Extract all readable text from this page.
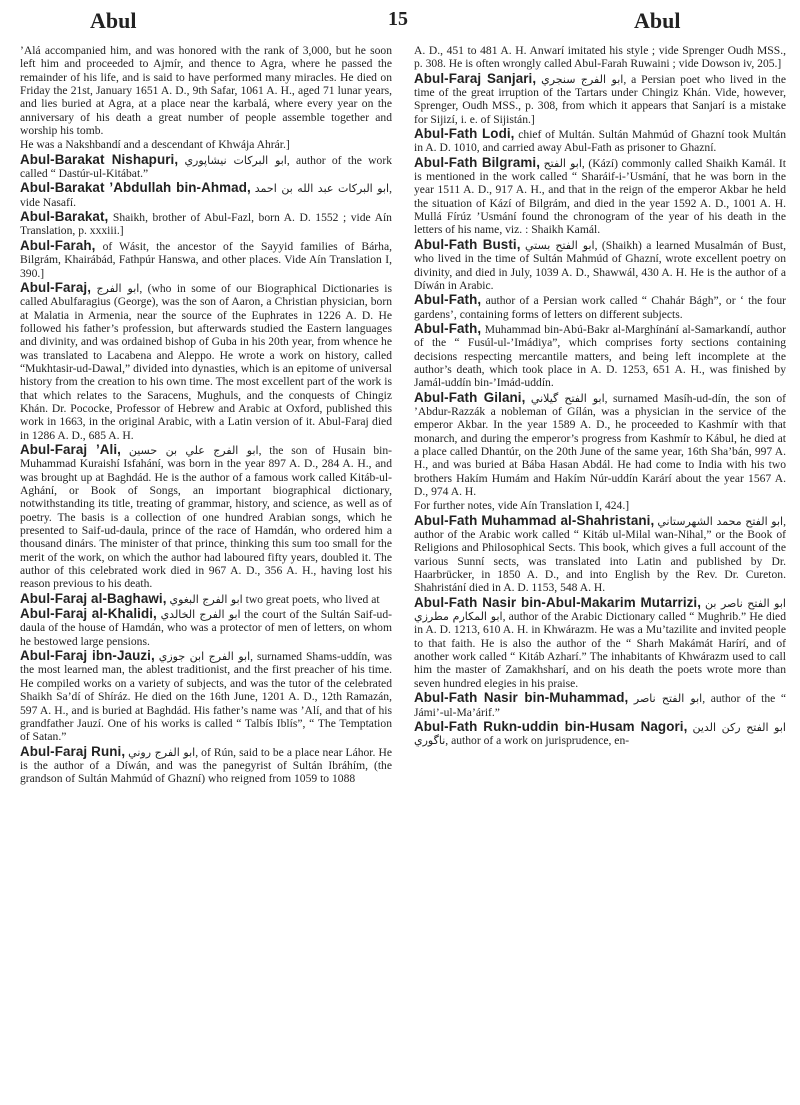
Abul	15	Abul

’Alá accompanied him, and was honored with the rank of 3,000, but he soon left him and proceeded to Ajmír, and thence to Agra, where he passed the remainder of his life, and is said to have performed many miracles. He died on Friday the 21st, January 1651 A. D., 9th Safar, 1061 A. H., aged 71 lunar years, and lies buried at Agra, at a place near the karbalá, where every year on the anniversary of his death a great number of people assemble together and worship his tomb.

He was a Nakshbandí and a descendant of Khwája Ahrár.]

Abul-Barakat Nishapuri, ابو البركات نيشاپوري, author of the work called “ Dastúr-ul-Kitábat.”

Abul-Barakat ’Abdullah bin-Ahmad, ابو البركات عبد الله بن احمد, vide Nasafí.

Abul-Barakat, Shaikh, brother of Abul-Fazl, born A. D. 1552 ; vide Aín Translation, p. xxxiii.]

Abul-Farah, of Wásit, the ancestor of the Sayyid families of Bárha, Bilgrám, Khairábád, Fathpúr Hanswa, and other places. Vide Aín Translation I, 390.]

Abul-Faraj, ابو الفرج, (who in some of our Biographical Dictionaries is called Abulfaragius (George), was the son of Aaron, a Christian physician, born at Malatia in Armenia, near the source of the Euphrates in 1226 A. D. He followed his father’s profession, but afterwards studied the Eastern languages and divinity, and was ordained bishop of Guba in his 20th year, from whence he was translated to Lacabena and Aleppo. He wrote a work on history, called “Mukhtasir-ud-Dawal,” divided into dynasties, which is an epitome of universal history from the creation to his own time. The most excellent part of the work is that which relates to the Saracens, Mughuls, and the conquests of Chingiz Khán. Dr. Pococke, Professor of Hebrew and Arabic at Oxford, published this work in 1663, in the original Arabic, with a Latin version of it. Abul-Faraj died in 1286 A. D., 685 A. H.

Abul-Faraj ’Ali, ابو الفرج علي بن حسين, the son of Husain bin-Muhammad Kuraishí Isfahání, was born in the year 897 A. D., 284 A. H., and was brought up at Baghdád. He is the author of a famous work called Kitáb-ul-Aghání, or Book of Songs, an important biographical dictionary, notwithstanding its title, treating of grammar, history, and science, as well as of poetry. The basis is a collection of one hundred Arabian songs, which he presented to Saif-ud-daula, prince of the race of Hamdán, who ordered him a thousand dinárs. The minister of that prince, thinking this sum too small for the merit of the work, on which the author had laboured fifty years, doubled it. The author of this celebrated work died in 967 A. D., 356 A. H., having lost his reason previous to his death.

Abul-Faraj al-Baghawi, ابو الفرج البغوي two great poets, who lived at

Abul-Faraj al-Khalidi, ابو الفرج الخالدي the court of the Sultán Saif-ud-daula of the house of Hamdán, who was a protector of men of letters, on whom he bestowed large pensions.

Abul-Faraj ibn-Jauzi, ابو الفرج ابن جوزي, surnamed Shams-uddín, was the most learned man, the ablest traditionist, and the first preacher of his time. He compiled works on a variety of subjects, and was the tutor of the celebrated Shaikh Sa’dí of Shíráz. He died on the 16th June, 1201 A. D., 12th Ramazán, 597 A. H., and is buried at Baghdád. His father’s name was ’Alí, and that of his grandfather Jauzí. One of his works is called “ Talbís Iblís”, “ The Temptation of Satan.”

Abul-Faraj Runi, ابو الفرج روني, of Rún, said to be a place near Láhor. He is the author of a Díwán, and was the panegyrist of Sultán Ibráhím, (the grandson of Sultán Mahmúd of Ghazní) who reigned from 1059 to 1088

A. D., 451 to 481 A. H. Anwarí imitated his style ; vide Sprenger Oudh MSS., p. 308. He is often wrongly called Abul-Farah Ruwaini ; vide Dowson iv, 205.]

Abul-Faraj Sanjari, ابو الفرج سنجري, a Persian poet who lived in the time of the great irruption of the Tartars under Chingiz Khán. Vide, however, Sprenger, Oudh MSS., p. 308, from which it appears that Sanjarí is a mistake for Sijizí, i. e. of Sijistán.]

Abul-Fath Lodi, chief of Multán. Sultán Mahmúd of Ghazní took Multán in A. D. 1010, and carried away Abul-Fath as prisoner to Ghazní.

Abul-Fath Bilgrami, ابو الفتح, (Kází) commonly called Shaikh Kamál. It is mentioned in the work called “ Sharáif-i-’Usmání, that he was born in the year 1511 A. D., 917 A. H., and that in the reign of the emperor Akbar he held the situation of Kází of Bilgrám, and died in the year 1592 A. D., 1001 A. H. Mullá Fírúz ’Usmání found the chronogram of the year of his death in the letters of his name, viz. : Shaikh Kamál.

Abul-Fath Busti, ابو الفتح بستي, (Shaikh) a learned Musalmán of Bust, who lived in the time of Sultán Mahmúd of Ghazní, wrote excellent poetry on divinity, and died in July, 1039 A. D., Shawwál, 430 A. H. He is the author of a Díwán in Arabic.

Abul-Fath, author of a Persian work called “ Chahár Bágh”, or ‘ the four gardens’, containing forms of letters on different subjects.

Abul-Fath, Muhammad bin-Abú-Bakr al-Marghínání al-Samarkandí, author of the “ Fusúl-ul-’Imádiya”, which comprises forty sections containing decisions respecting mercantile matters, and being left incomplete at the author’s death, which took place in A. D. 1253, 651 A. H., was finished by Jamál-uddín bin-’Imád-uddín.

Abul-Fath Gilani, ابو الفتح گيلاني, surnamed Masíh-ud-dín, the son of ’Abdur-Razzák a nobleman of Gílán, was a physician in the service of the emperor Akbar. In the year 1589 A. D., he proceeded to Kashmír with that monarch, and during the emperor’s progress from Kashmír to Kábul, he died at a place called Dhantúr, on the 20th June of the same year, 16th Sha’bán, 997 A. H., and was buried at Bába Hasan Abdál. He had come to India with his two brothers Hakím Humám and Hakím Núr-uddín Karárí about the year 1567 A. D., 974 A. H.

For further notes, vide Aín Translation I, 424.]

Abul-Fath Muhammad al-Shahristani, ابو الفتح محمد الشهرستاني, author of the Arabic work called “ Kitáb ul-Milal wan-Nihal,” or the Book of Religions and Philosophical Sects. This book, which gives a full account of the various Sunní sects, was translated into Latin and published by Dr. Haarbrücker, in 1850 A. D., and into English by the Rev. Dr. Cureton. Shahristání died in A. D. 1153, 548 A. H.

Abul-Fath Nasir bin-Abul-Makarim Mutarrizi, ابو الفتح ناصر بن ابو المكارم مطرزي, author of the Arabic Dictionary called “ Mughrib.” He died in A. D. 1213, 610 A. H. in Khwárazm. He was a Mu’tazilite and invited people to that faith. He is also the author of the “ Sharh Makámát Harírí, and of another work called “ Kitáb Azharí.” The inhabitants of Khwárazm used to call him the master of Zamakhsharí, and on his death the poets wrote more than seven hundred elegies in his praise.

Abul-Fath Nasir bin-Muhammad, ابو الفتح ناصر, author of the “ Jámi’-ul-Ma’árif.”

Abul-Fath Rukn-uddin bin-Husam Nagori, ابو الفتح ركن الدين ناگوري, author of a work on jurisprudence, en-
